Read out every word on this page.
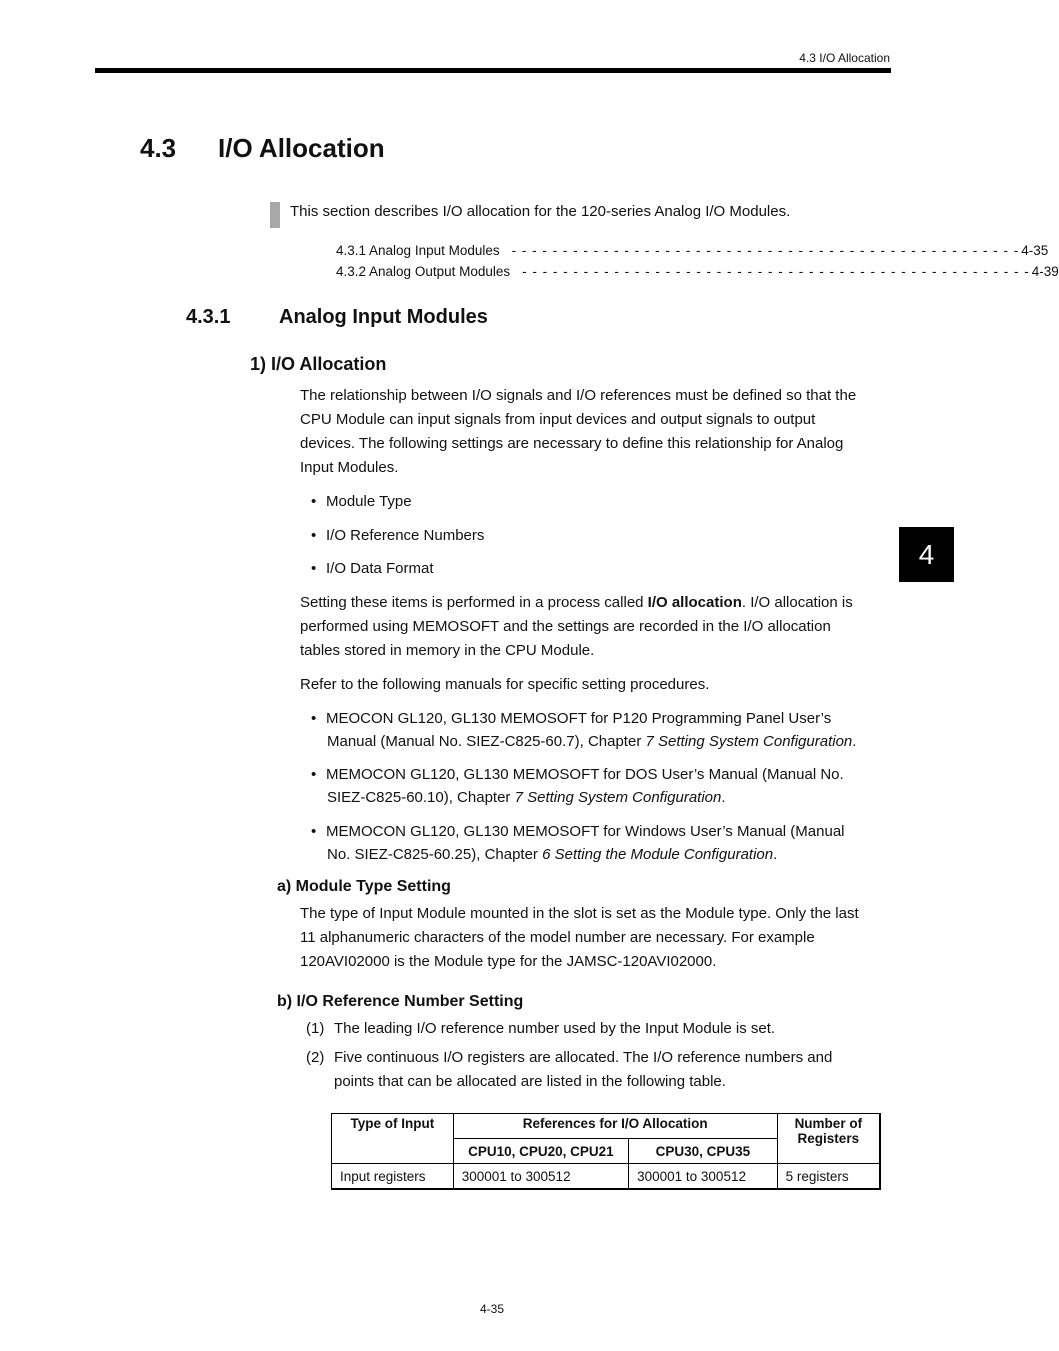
4.3 I/O Allocation
4.3 I/O Allocation
This section describes I/O allocation for the 120-series Analog I/O Modules.
4.3.1 Analog Input Modules - - - - - - - - - - - - - - - - - - - - - - - - - - - - - - - - - - - - - - - - - - - - - - - - - - 4-35
4.3.2 Analog Output Modules - - - - - - - - - - - - - - - - - - - - - - - - - - - - - - - - - - - - - - - - - - - - - - - - - - 4-39
4.3.1 Analog Input Modules
1) I/O Allocation
The relationship between I/O signals and I/O references must be defined so that the
CPU Module can input signals from input devices and output signals to output
devices. The following settings are necessary to define this relationship for Analog
Input Modules.
• Module Type
• I/O Reference Numbers
• I/O Data Format
Setting these items is performed in a process called I/O allocation. I/O allocation is
performed using MEMOSOFT and the settings are recorded in the I/O allocation
tables stored in memory in the CPU Module.
Refer to the following manuals for specific setting procedures.
• MEOCON GL120, GL130 MEMOSOFT for P120 Programming Panel User’s
Manual (Manual No. SIEZ-C825-60.7), Chapter 7 Setting System Configuration.
• MEMOCON GL120, GL130 MEMOSOFT for DOS User’s Manual (Manual No.
SIEZ-C825-60.10), Chapter 7 Setting System Configuration.
• MEMOCON GL120, GL130 MEMOSOFT for Windows User’s Manual (Manual
No. SIEZ-C825-60.25), Chapter 6 Setting the Module Configuration.
a) Module Type Setting
The type of Input Module mounted in the slot is set as the Module type. Only the last
11 alphanumeric characters of the model number are necessary. For example
120AVI02000 is the Module type for the JAMSC-120AVI02000.
b) I/O Reference Number Setting
(1) The leading I/O reference number used by the Input Module is set.
(2) Five continuous I/O registers are allocated. The I/O reference numbers and
points that can be allocated are listed in the following table.
Type of Input	References for I/O Allocation		Number of
Registers

	CPU10, CPU20, CPU21	CPU30, CPU35	
Input registers	300001 to 300512	300001 to 300512	5 registers
4
4-35
